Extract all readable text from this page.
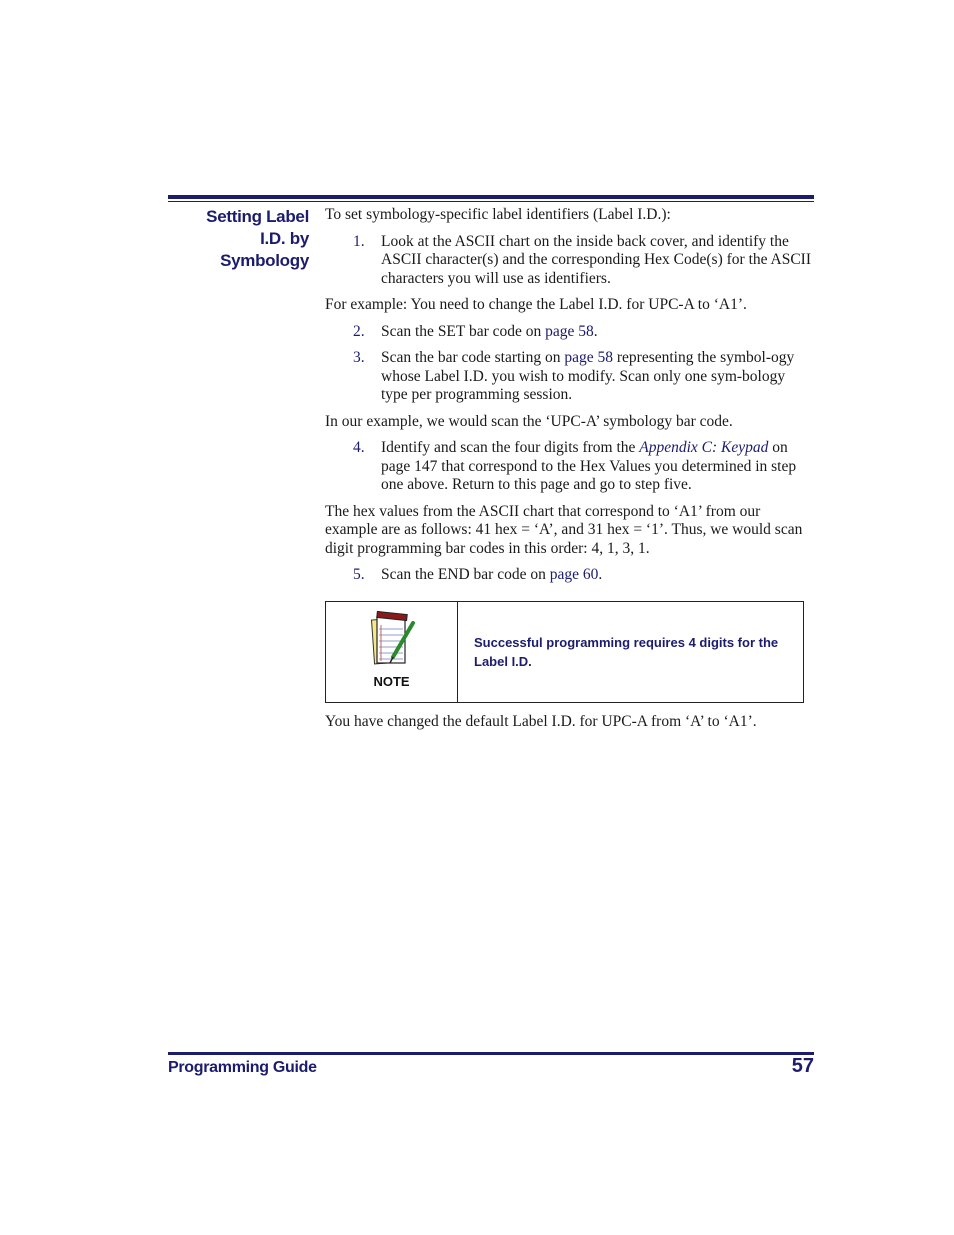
Setting Label
I.D. by
Symbology

To set symbology-specific label identifiers (Label I.D.):

1.	Look at the ASCII chart on the inside back cover, and identify the ASCII character(s) and the corresponding Hex Code(s) for the ASCII characters you will use as identifiers.

For example: You need to change the Label I.D. for UPC-A to ‘A1’.

2.	Scan the SET bar code on page 58.
3.	Scan the bar code starting on page 58 representing the symbol-ogy whose Label I.D. you wish to modify. Scan only one sym-bology type per programming session.

In our example, we would scan the ‘UPC-A’ symbology bar code.

4.	Identify and scan the four digits from the Appendix C: Keypad on page 147 that correspond to the Hex Values you determined in step one above. Return to this page and go to step five.

The hex values from the ASCII chart that correspond to ‘A1’ from our example are as follows: 41 hex = ‘A’, and 31 hex = ‘1’. Thus, we would scan digit programming bar codes in this order: 4, 1, 3, 1.

5.	Scan the END bar code on page 60.
NOTE
Successful programming requires 4 digits for the Label I.D.

You have changed the default Label I.D. for UPC-A from ‘A’ to ‘A1’.

Programming Guide	57
